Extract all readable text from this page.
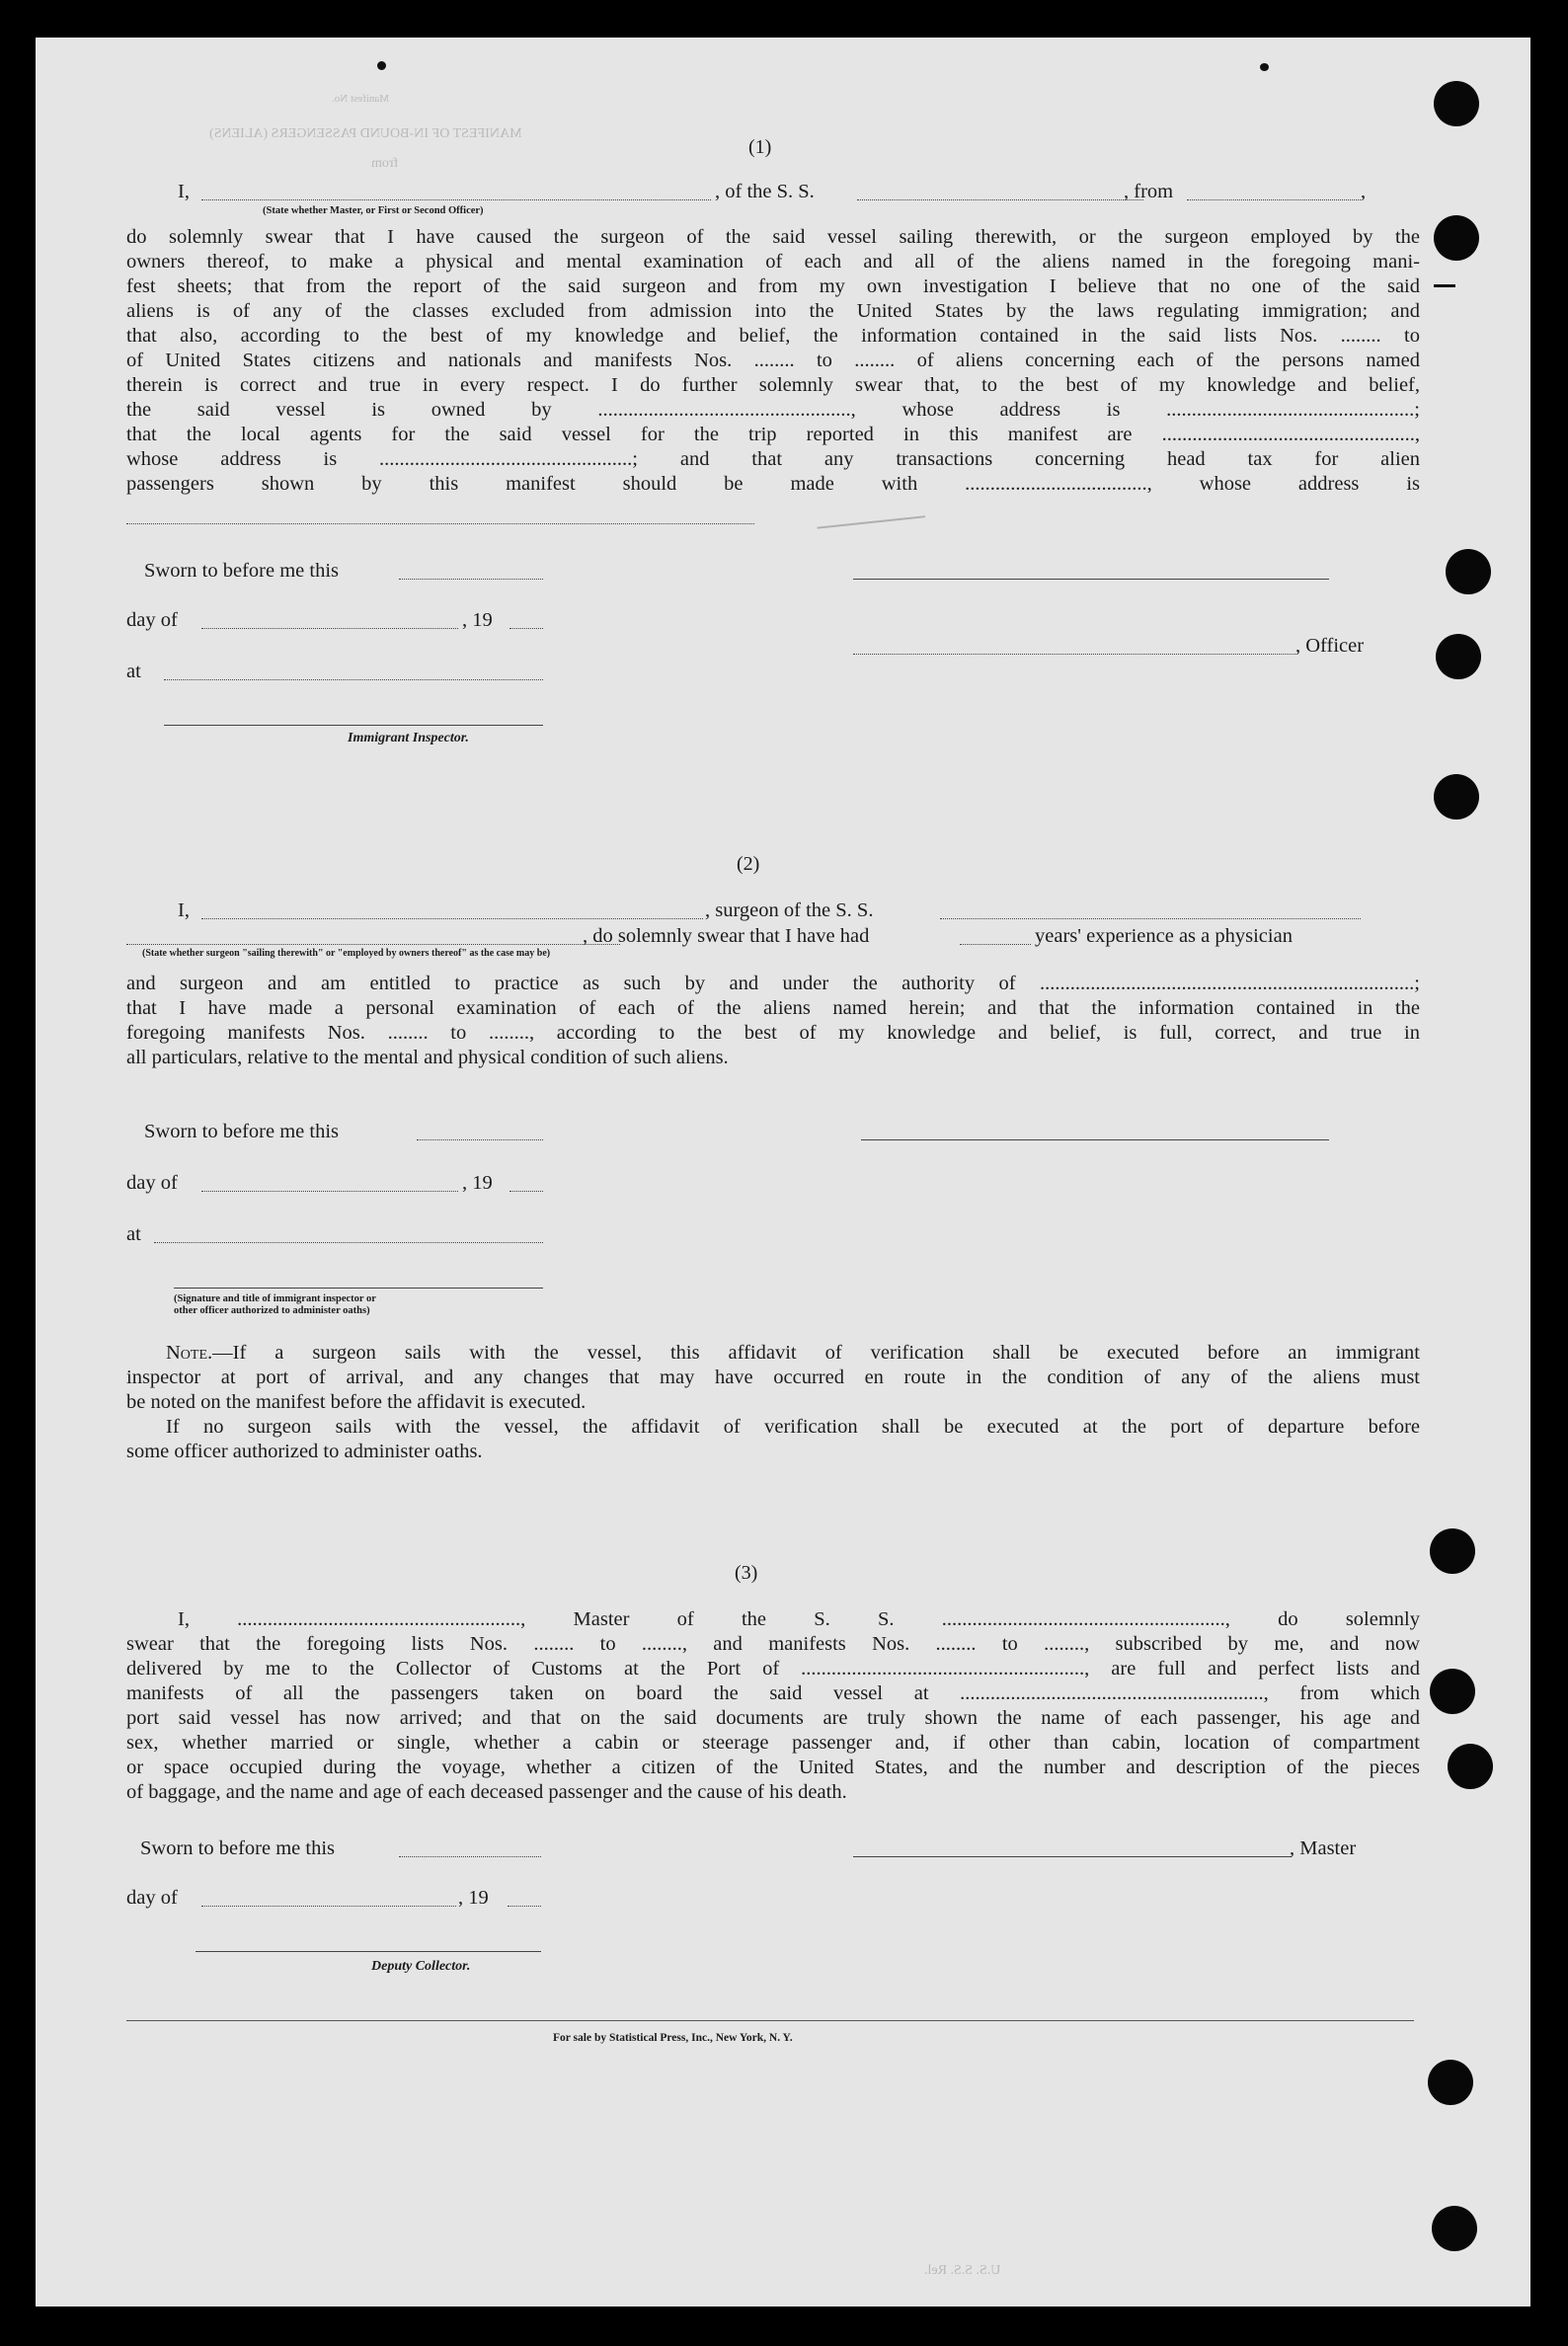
MANIFEST OF IN-BOUND PASSENGERS (ALIENS)
Manifest No.
from
U.S. S.S. Rel.
(1)
I,	, of the S. S.	, from	,
(State whether Master, or First or Second Officer)

do solemnly swear that I have caused the surgeon of the said vessel sailing therewith, or the surgeon employed by the

owners thereof, to make a physical and mental examination of each and all of the aliens named in the foregoing mani-

fest sheets; that from the report of the said surgeon and from my own investigation I believe that no one of the said

aliens is of any of the classes excluded from admission into the United States by the laws regulating immigration; and

that also, according to the best of my knowledge and belief, the information contained in the said lists Nos. ........ to

of United States citizens and nationals and manifests Nos. ........ to ........ of aliens concerning each of the persons named

therein is correct and true in every respect. I do further solemnly swear that, to the best of my knowledge and belief,

the said vessel is owned by .................................................., whose address is .................................................;

that the local agents for the said vessel for the trip reported in this manifest are ..................................................,

whose address is ..................................................; and that any transactions concerning head tax for alien

passengers shown by this manifest should be made with ...................................., whose address is

Sworn to before me this
day of	, 19
, Officer
at
Immigrant Inspector.
(2)
I,	, surgeon of the S. S.
, do solemnly swear that I have had	years' experience as a physician
(State whether surgeon "sailing therewith" or "employed by owners thereof" as the case may be)

and surgeon and am entitled to practice as such by and under the authority of ..........................................................................;

that I have made a personal examination of each of the aliens named herein; and that the information contained in the

foregoing manifests Nos. ........ to ........, according to the best of my knowledge and belief, is full, correct, and true in

all particulars, relative to the mental and physical condition of such aliens.

Sworn to before me this
day of	, 19
at
(Signature and title of immigrant inspector or
other officer authorized to administer oaths)

Note.—If a surgeon sails with the vessel, this affidavit of verification shall be executed before an immigrant

inspector at port of arrival, and any changes that may have occurred en route in the condition of any of the aliens must

be noted on the manifest before the affidavit is executed.

If no surgeon sails with the vessel, the affidavit of verification shall be executed at the port of departure before

some officer authorized to administer oaths.

(3)

I, ........................................................, Master of the S. S. ........................................................, do solemnly

swear that the foregoing lists Nos. ........ to ........, and manifests Nos. ........ to ........, subscribed by me, and now

delivered by me to the Collector of Customs at the Port of ........................................................, are full and perfect lists and

manifests of all the passengers taken on board the said vessel at ............................................................, from which

port said vessel has now arrived; and that on the said documents are truly shown the name of each passenger, his age and

sex, whether married or single, whether a cabin or steerage passenger and, if other than cabin, location of compartment

or space occupied during the voyage, whether a citizen of the United States, and the number and description of the pieces

of baggage, and the name and age of each deceased passenger and the cause of his death.

Sworn to before me this	, Master
day of	, 19
Deputy Collector.
For sale by Statistical Press, Inc., New York, N. Y.
